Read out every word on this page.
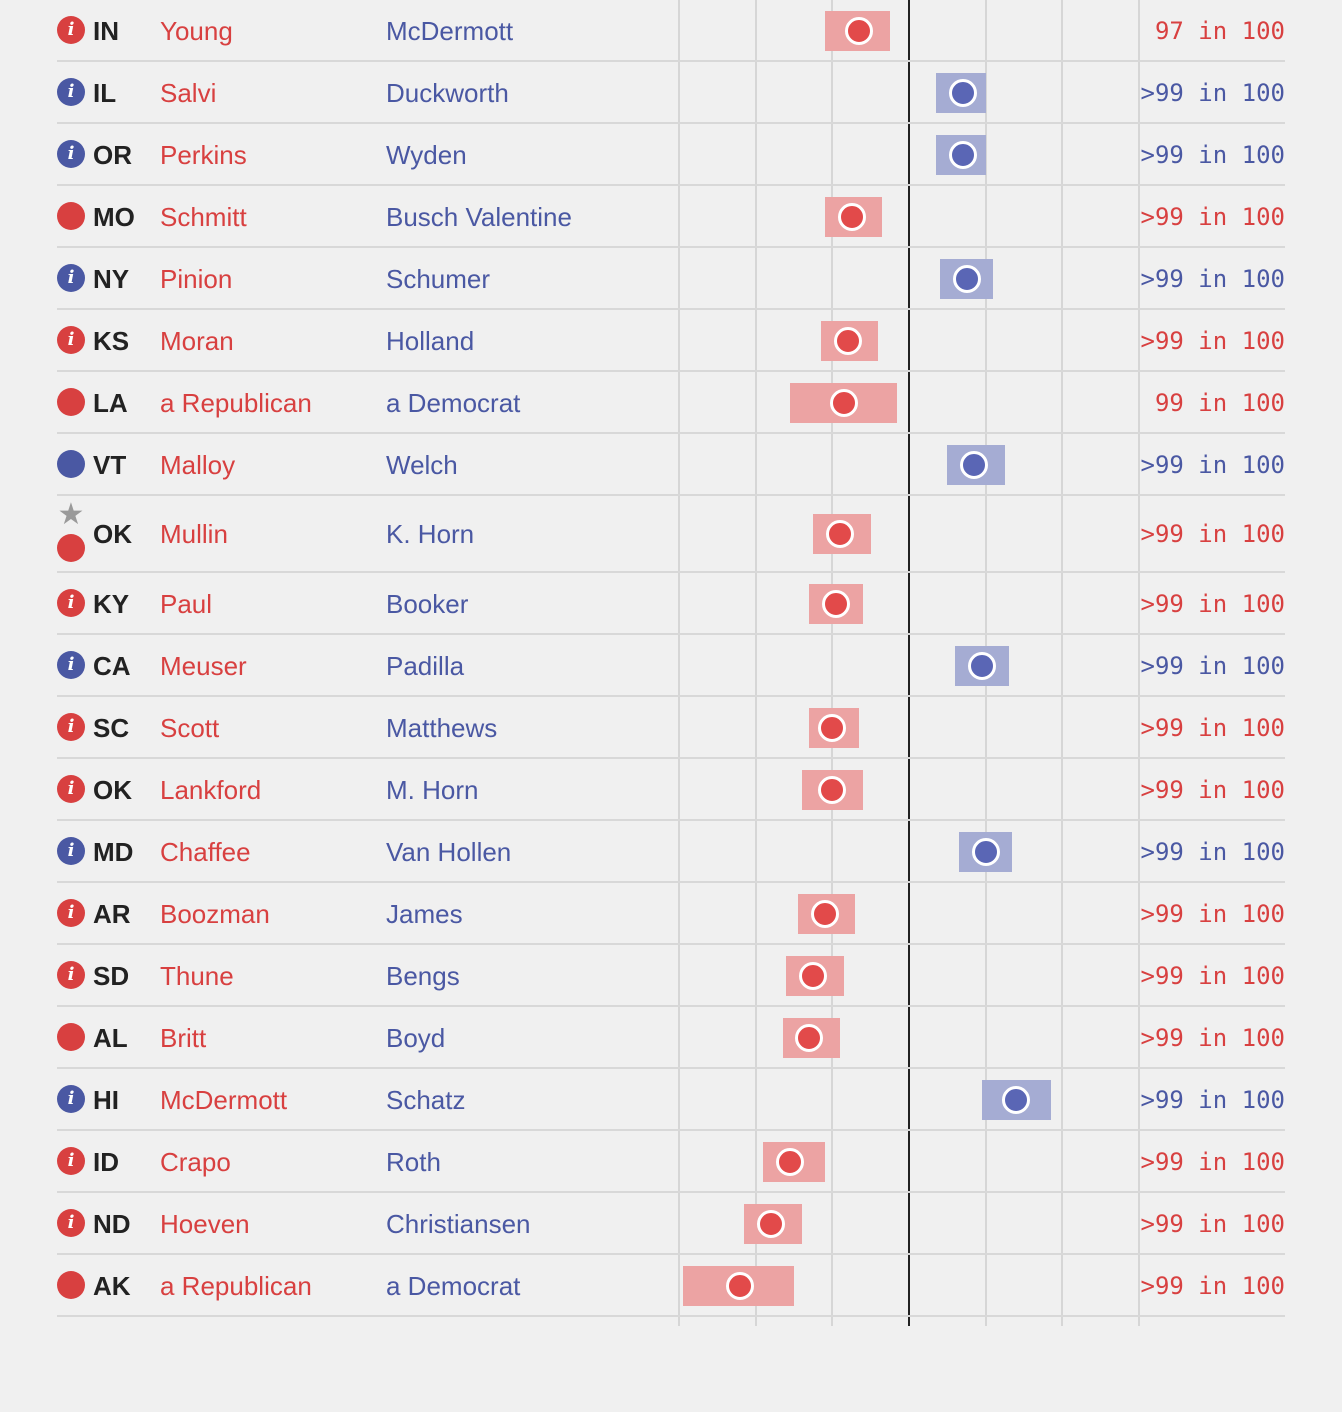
i IN Young	McDermott	97 in 100
i IL Salvi	Duckworth	>99 in 100
i OR Perkins	Wyden	>99 in 100
MO Schmitt	Busch Valentine	>99 in 100
i NY Pinion	Schumer	>99 in 100
i KS Moran	Holland	>99 in 100
LA a Republican	a Democrat	99 in 100
VT Malloy	Welch	>99 in 100
★
OK Mullin	K. Horn	>99 in 100
i KY Paul	Booker	>99 in 100
i CA Meuser	Padilla	>99 in 100
i SC Scott	Matthews	>99 in 100
i OK Lankford	M. Horn	>99 in 100
i MD Chaffee	Van Hollen	>99 in 100
i AR Boozman	James	>99 in 100
i SD Thune	Bengs	>99 in 100
AL Britt	Boyd	>99 in 100
i HI McDermott	Schatz	>99 in 100
i ID Crapo	Roth	>99 in 100
i ND Hoeven	Christiansen	>99 in 100
AK a Republican	a Democrat	>99 in 100
